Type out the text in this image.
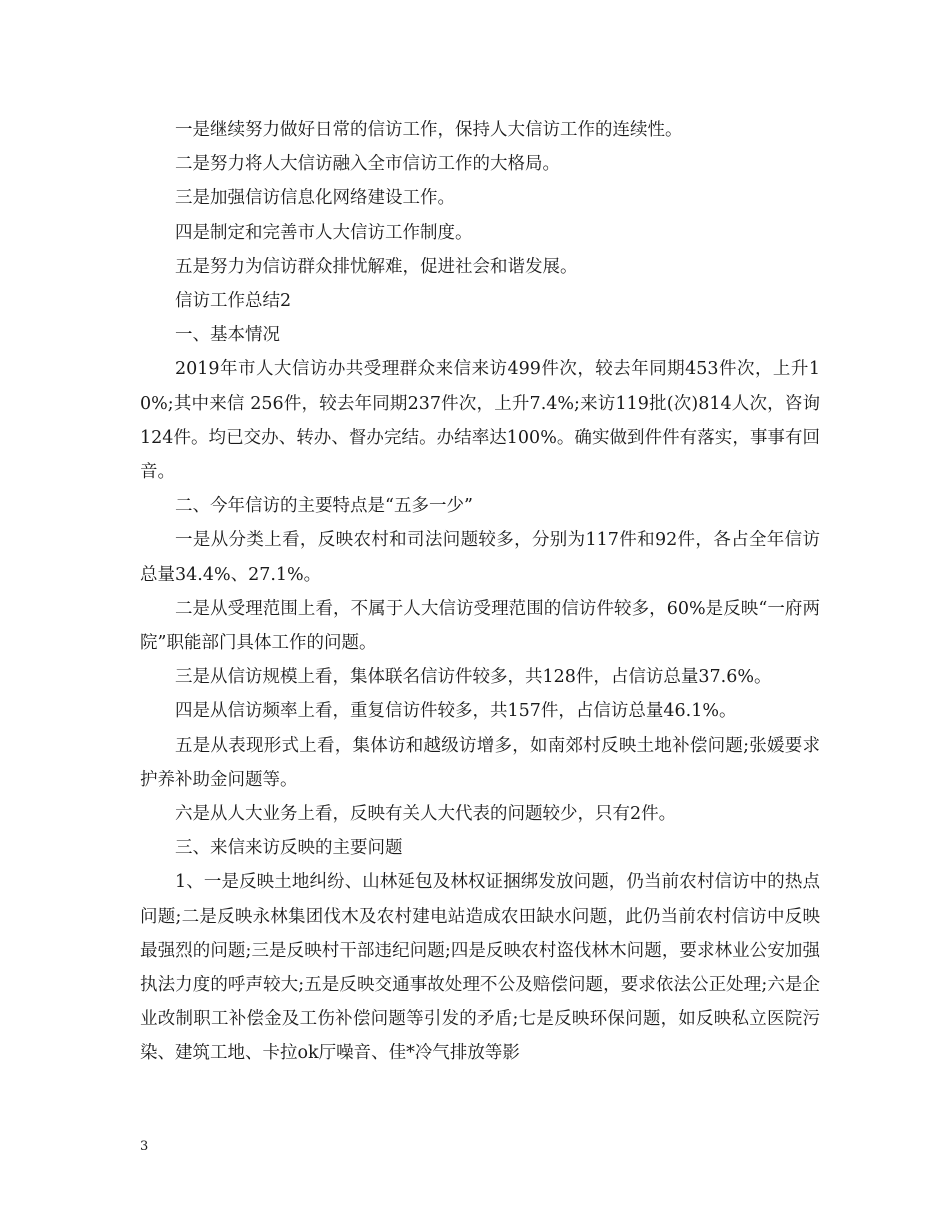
一是继续努力做好日常的信访工作，保持人大信访工作的连续性。

二是努力将人大信访融入全市信访工作的大格局。

三是加强信访信息化网络建设工作。

四是制定和完善市人大信访工作制度。

五是努力为信访群众排忧解难，促进社会和谐发展。

信访工作总结2

一、基本情况

2019年市人大信访办共受理群众来信来访499件次，较去年同期453件次，上升10%;其中来信 256件，较去年同期237件次，上升7.4%;来访119批(次)814人次，咨询124件。均已交办、转办、督办完结。办结率达100%。确实做到件件有落实，事事有回音。

二、今年信访的主要特点是“五多一少”

一是从分类上看，反映农村和司法问题较多，分别为117件和92件，各占全年信访总量34.4%、27.1%。

二是从受理范围上看，不属于人大信访受理范围的信访件较多，60%是反映“一府两院”职能部门具体工作的问题。

三是从信访规模上看，集体联名信访件较多，共128件，占信访总量37.6%。

四是从信访频率上看，重复信访件较多，共157件，占信访总量46.1%。

五是从表现形式上看，集体访和越级访增多，如南郊村反映土地补偿问题;张媛要求护养补助金问题等。

六是从人大业务上看，反映有关人大代表的问题较少，只有2件。

三、来信来访反映的主要问题

1、一是反映土地纠纷、山林延包及林权证捆绑发放问题，仍当前农村信访中的热点问题;二是反映永林集团伐木及农村建电站造成农田缺水问题，此仍当前农村信访中反映最强烈的问题;三是反映村干部违纪问题;四是反映农村盗伐林木问题，要求林业公安加强执法力度的呼声较大;五是反映交通事故处理不公及赔偿问题，要求依法公正处理;六是企业改制职工补偿金及工伤补偿问题等引发的矛盾;七是反映环保问题，如反映私立医院污染、建筑工地、卡拉ok厅噪音、佳*冷气排放等影

3
